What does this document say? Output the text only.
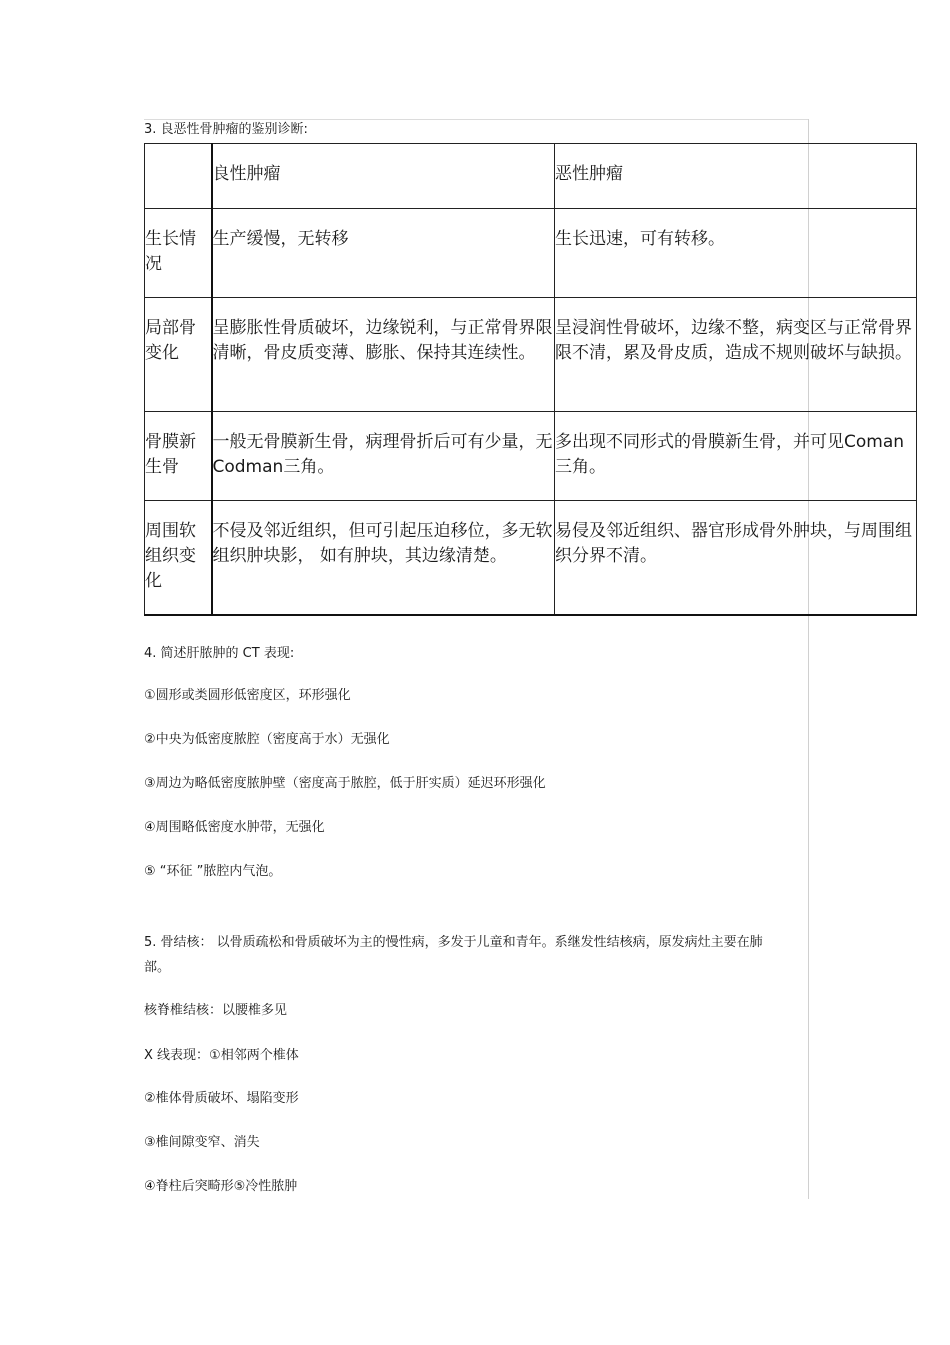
3. 良恶性骨肿瘤的鉴别诊断:

	良性肿瘤	恶性肿瘤

生长情况	生产缓慢，无转移	生长迅速，可有转移。

局部骨变化	呈膨胀性骨质破坏，边缘锐利，与正常骨界限清晰，骨皮质变薄、膨胀、保持其连续性。	呈浸润性骨破坏，边缘不整，病变区与正常骨界限不清，累及骨皮质，造成不规则破坏与缺损。

骨膜新生骨	一般无骨膜新生骨，病理骨折后可有少量，无 Codman三角。	多出现不同形式的骨膜新生骨，并可见Coman三角。

周围软组织变化	不侵及邻近组织，但可引起压迫移位，多无软组织肿块影， 如有肿块，其边缘清楚。	易侵及邻近组织、器官形成骨外肿块，与周围组织分界不清。
4. 简述肝脓肿的 CT 表现:
①圆形或类圆形低密度区，环形强化
②中央为低密度脓腔（密度高于水）无强化
③周边为略低密度脓肿壁（密度高于脓腔，低于肝实质）延迟环形强化
④周围略低密度水肿带，无强化
⑤ “环征 ”脓腔内气泡。
5. 骨结核： 以骨质疏松和骨质破坏为主的慢性病，多发于儿童和青年。系继发性结核病，原发病灶主要在肺部。
核脊椎结核：以腰椎多见
X 线表现：①相邻两个椎体
②椎体骨质破坏、塌陷变形
③椎间隙变窄、消失
④脊柱后突畸形⑤冷性脓肿
